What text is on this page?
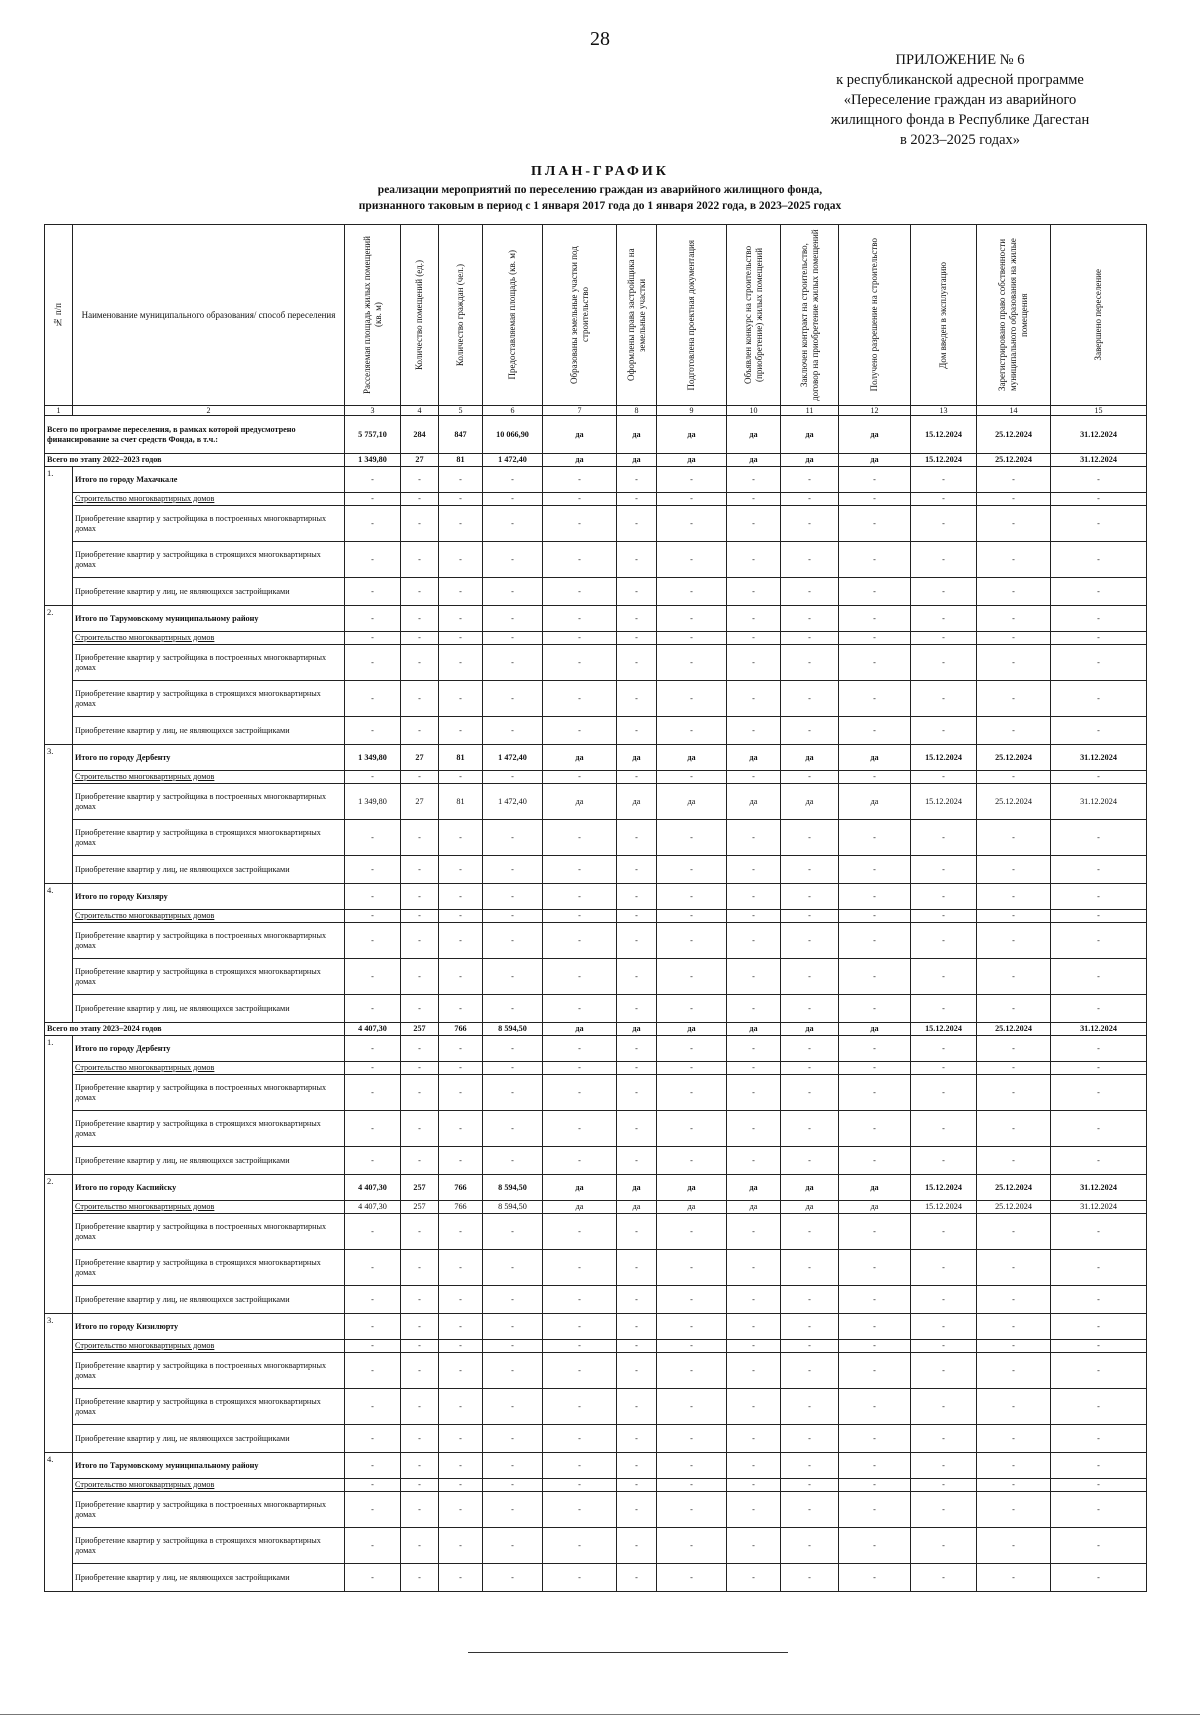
28
ПРИЛОЖЕНИЕ № 6
к республиканской адресной программе
«Переселение граждан из аварийного
жилищного фонда в Республике Дагестан
в 2023–2025 годах»
ПЛАН-ГРАФИК
реализации мероприятий по переселению граждан из аварийного жилищного фонда,
признанного таковым в период с 1 января 2017 года до 1 января 2022 года, в 2023–2025 годах
№ п/п	Наименование муниципального образования/ способ переселения	Расселяемая площадь жилых помещений (кв. м)	Количество помещений (ед.)	Количество граждан (чел.)	Предоставляемая площадь (кв. м)	Образованы земельные участки под строительство	Оформлены права застройщика на земельные участки	Подготовлена проектная документация	Объявлен конкурс на строительство (приобретение) жилых помещений	Заключен контракт на строительство, договор на приобретение жилых помещений	Получено разрешение на строительство	Дом введен в эксплуатацию	Зарегистрировано право собственности муниципального образования на жилые помещения	Завершено переселение

1	2	3	4	5	6	7	8	9	10	11	12	13	14	15
Всего по программе переселения, в рамках которой предусмотрено финансирование за счет средств Фонда, в т.ч.:		5 757,10	284	847	10 066,90	да	да	да	да	да	да	15.12.2024	25.12.2024	31.12.2024
Всего по этапу 2022–2023 годов		1 349,80	27	81	1 472,40	да	да	да	да	да	да	15.12.2024	25.12.2024	31.12.2024
1.	Итого по городу Махачкале	-	-	-	-	-	-	-	-	-	-	-	-	-
	Строительство многоквартирных домов	-	-	-	-	-	-	-	-	-	-	-	-	-
	Приобретение квартир у застройщика в построенных многоквартирных домах	-	-	-	-	-	-	-	-	-	-	-	-	-
	Приобретение квартир у застройщика в строящихся многоквартирных домах	-	-	-	-	-	-	-	-	-	-	-	-	-
	Приобретение квартир у лиц, не являющихся застройщиками	-	-	-	-	-	-	-	-	-	-	-	-	-
2.	Итого по Тарумовскому муниципальному району	-	-	-	-	-	-	-	-	-	-	-	-	-
	Строительство многоквартирных домов	-	-	-	-	-	-	-	-	-	-	-	-	-
	Приобретение квартир у застройщика в построенных многоквартирных домах	-	-	-	-	-	-	-	-	-	-	-	-	-
	Приобретение квартир у застройщика в строящихся многоквартирных домах	-	-	-	-	-	-	-	-	-	-	-	-	-
	Приобретение квартир у лиц, не являющихся застройщиками	-	-	-	-	-	-	-	-	-	-	-	-	-
3.	Итого по городу Дербенту	1 349,80	27	81	1 472,40	да	да	да	да	да	да	15.12.2024	25.12.2024	31.12.2024
	Строительство многоквартирных домов	-	-	-	-	-	-	-	-	-	-	-	-	-
	Приобретение квартир у застройщика в построенных многоквартирных домах	1 349,80	27	81	1 472,40	да	да	да	да	да	да	15.12.2024	25.12.2024	31.12.2024
	Приобретение квартир у застройщика в строящихся многоквартирных домах	-	-	-	-	-	-	-	-	-	-	-	-	-
	Приобретение квартир у лиц, не являющихся застройщиками	-	-	-	-	-	-	-	-	-	-	-	-	-
4.	Итого по городу Кизляру	-	-	-	-	-	-	-	-	-	-	-	-	-
	Строительство многоквартирных домов	-	-	-	-	-	-	-	-	-	-	-	-	-
	Приобретение квартир у застройщика в построенных многоквартирных домах	-	-	-	-	-	-	-	-	-	-	-	-	-
	Приобретение квартир у застройщика в строящихся многоквартирных домах	-	-	-	-	-	-	-	-	-	-	-	-	-
	Приобретение квартир у лиц, не являющихся застройщиками	-	-	-	-	-	-	-	-	-	-	-	-	-
Всего по этапу 2023–2024 годов		4 407,30	257	766	8 594,50	да	да	да	да	да	да	15.12.2024	25.12.2024	31.12.2024
1.	Итого по городу Дербенту	-	-	-	-	-	-	-	-	-	-	-	-	-
	Строительство многоквартирных домов	-	-	-	-	-	-	-	-	-	-	-	-	-
	Приобретение квартир у застройщика в построенных многоквартирных домах	-	-	-	-	-	-	-	-	-	-	-	-	-
	Приобретение квартир у застройщика в строящихся многоквартирных домах	-	-	-	-	-	-	-	-	-	-	-	-	-
	Приобретение квартир у лиц, не являющихся застройщиками	-	-	-	-	-	-	-	-	-	-	-	-	-
2.	Итого по городу Каспийску	4 407,30	257	766	8 594,50	да	да	да	да	да	да	15.12.2024	25.12.2024	31.12.2024
	Строительство многоквартирных домов	4 407,30	257	766	8 594,50	да	да	да	да	да	да	15.12.2024	25.12.2024	31.12.2024
	Приобретение квартир у застройщика в построенных многоквартирных домах	-	-	-	-	-	-	-	-	-	-	-	-	-
	Приобретение квартир у застройщика в строящихся многоквартирных домах	-	-	-	-	-	-	-	-	-	-	-	-	-
	Приобретение квартир у лиц, не являющихся застройщиками	-	-	-	-	-	-	-	-	-	-	-	-	-
3.	Итого по городу Кизилюрту	-	-	-	-	-	-	-	-	-	-	-	-	-
	Строительство многоквартирных домов	-	-	-	-	-	-	-	-	-	-	-	-	-
	Приобретение квартир у застройщика в построенных многоквартирных домах	-	-	-	-	-	-	-	-	-	-	-	-	-
	Приобретение квартир у застройщика в строящихся многоквартирных домах	-	-	-	-	-	-	-	-	-	-	-	-	-
	Приобретение квартир у лиц, не являющихся застройщиками	-	-	-	-	-	-	-	-	-	-	-	-	-
4.	Итого по Тарумовскому муниципальному району	-	-	-	-	-	-	-	-	-	-	-	-	-
	Строительство многоквартирных домов	-	-	-	-	-	-	-	-	-	-	-	-	-
	Приобретение квартир у застройщика в построенных многоквартирных домах	-	-	-	-	-	-	-	-	-	-	-	-	-
	Приобретение квартир у застройщика в строящихся многоквартирных домах	-	-	-	-	-	-	-	-	-	-	-	-	-
	Приобретение квартир у лиц, не являющихся застройщиками	-	-	-	-	-	-	-	-	-	-	-	-	-
